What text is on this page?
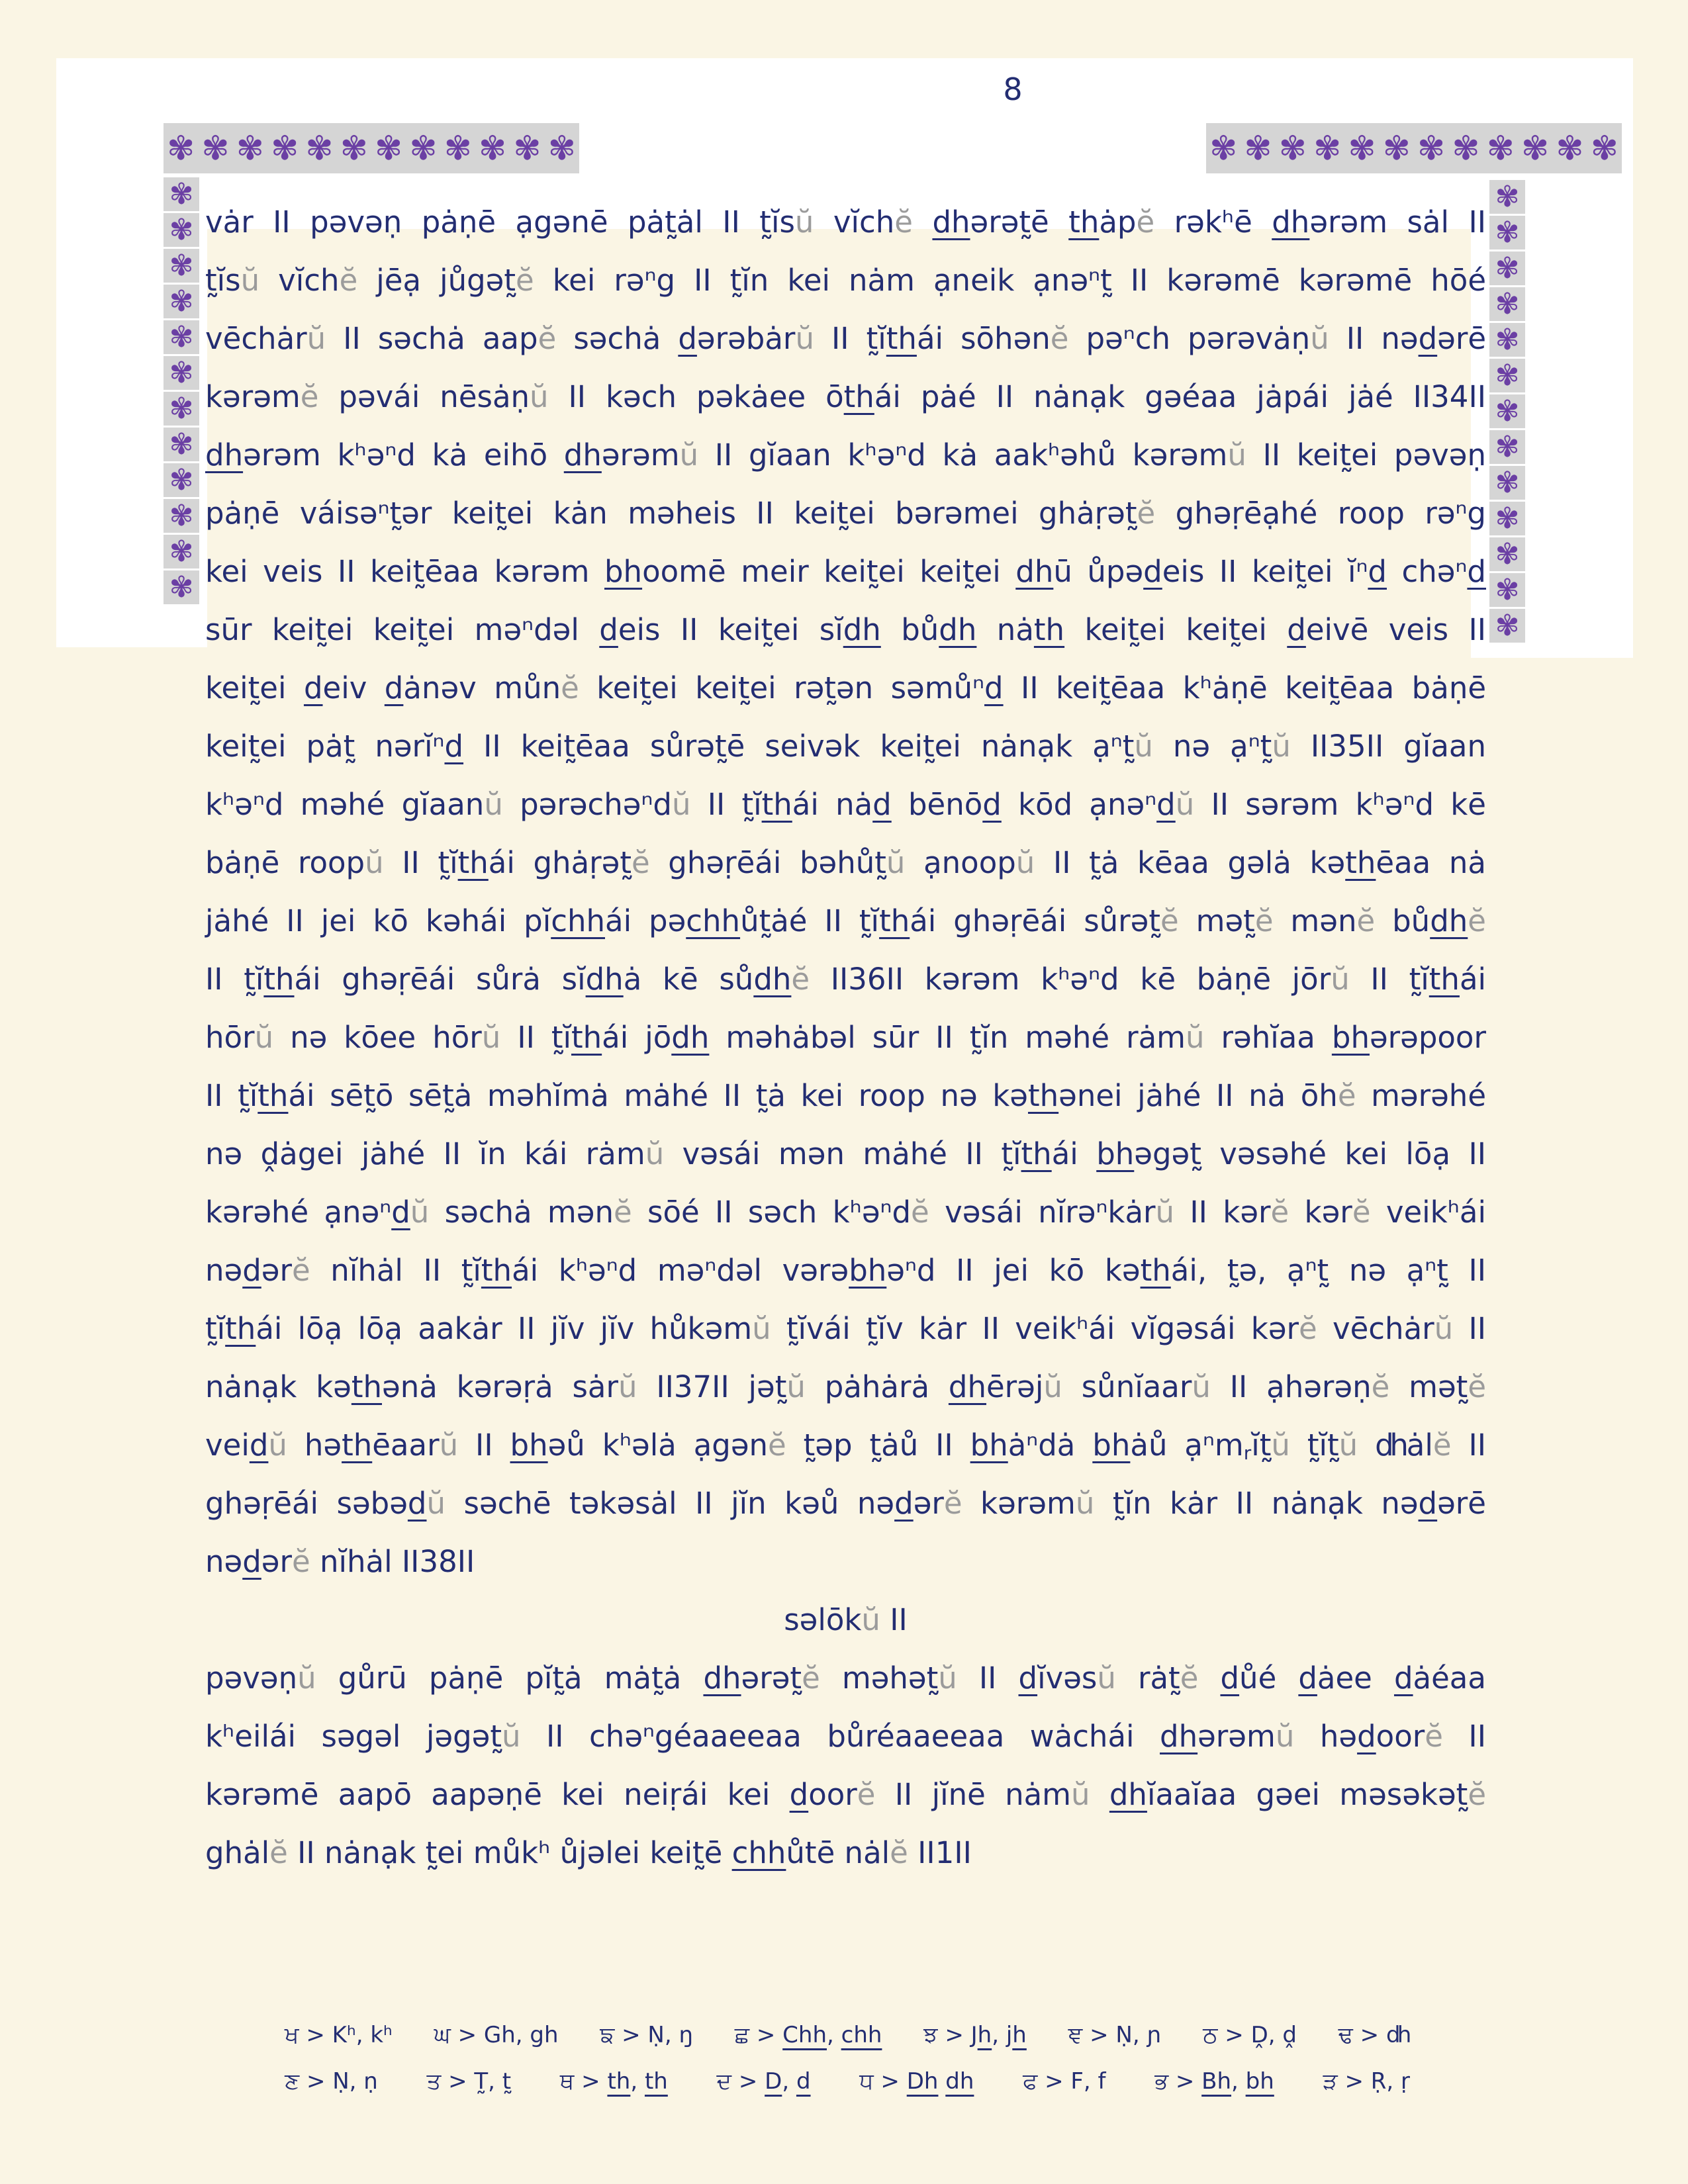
✾ ✾ ✾ ✾ ✾ ✾ ✾ ✾ ✾ ✾ ✾ ✾
8
✾ ✾ ✾ ✾ ✾ ✾ ✾ ✾ ✾ ✾ ✾ ✾
✾
✾
✾
✾
✾
✾
✾
✾
✾
✾
✾
✾
✾
✾
✾
✾
✾
✾
✾
✾
✾
✾
✾
✾
✾
vȧr II pəvəṇ pȧṇē ạgənē pȧt̰ȧl II t̰ĭsŭ vĭchĕ dhərət̰ē thȧpĕ rəkʰē dhərəm sȧl II
t̰ĭsŭ vĭchĕ jēạ jůgət̰ĕ kei rəⁿg II t̰ĭn kei nȧm ạneik ạnəⁿt̰ II kərəmē kərəmē hōé
vēchȧrŭ II səchȧ aapĕ səchȧ dərəbȧrŭ II t̰ĭthái sōhənĕ pəⁿch pərəvȧṇŭ II nədərē
kərəmĕ pəvái nēsȧṇŭ II kəch pəkȧee ōthái pȧé II nȧnạk gəéaa jȧpái jȧé II34II
dhərəm kʰəⁿd kȧ eihō dhərəmŭ II gĭaan kʰəⁿd kȧ aakʰəhů kərəmŭ II keit̰ei pəvəṇ
pȧṇē váisəⁿt̰ər keit̰ei kȧn məheis II keit̰ei bərəmei ghȧṛət̰ĕ ghəṛēạhé roop rəⁿg
kei veis II keit̰ēaa kərəm bhoomē meir keit̰ei keit̰ei dhū ůpədeis II keit̰ei ĭⁿd chəⁿd
sūr keit̰ei keit̰ei məⁿdəl deis II keit̰ei sĭdh bůdh nȧth keit̰ei keit̰ei deivē veis II
keit̰ei deiv dȧnəv můnĕ keit̰ei keit̰ei rət̰ən səmůⁿd II keit̰ēaa kʰȧṇē keit̰ēaa bȧṇē
keit̰ei pȧt̰ nərĭⁿd II keit̰ēaa sůrət̰ē seivək keit̰ei nȧnạk ạⁿt̰ŭ nə ạⁿt̰ŭ II35II gĭaan
kʰəⁿd məhé gĭaanŭ pərəchəⁿdŭ II t̰ĭthái nȧd bēnōd kōd ạnəⁿdŭ II sərəm kʰəⁿd kē
bȧṇē roopŭ II t̰ĭthái ghȧṛət̰ĕ ghəṛēái bəhůt̰ŭ ạnoopŭ II t̰ȧ kēaa gəlȧ kəthēaa nȧ
jȧhé II jei kō kəhái pĭchhái pəchhůt̰ȧé II t̰ĭthái ghəṛēái sůrət̰ĕ mət̰ĕ mənĕ bůdhĕ
II t̰ĭthái ghəṛēái sůrȧ sĭdhȧ kē sůdhĕ II36II kərəm kʰəⁿd kē bȧṇē jōrŭ II t̰ĭthái
hōrŭ nə kōee hōrŭ II t̰ĭthái jōdh məhȧbəl sūr II t̰ĭn məhé rȧmŭ rəhĭaa bhərəpoor
II t̰ĭthái sēt̰ō sēt̰ȧ məhĭmȧ mȧhé II t̰ȧ kei roop nə kəthənei jȧhé II nȧ ōhĕ mərəhé
nə ḓȧgei jȧhé II ĭn kái rȧmŭ vəsái mən mȧhé II t̰ĭthái bhəgət̰ vəsəhé kei lōạ II
kərəhé ạnəⁿdŭ səchȧ mənĕ sōé II səch kʰəⁿdĕ vəsái nĭrəⁿkȧrŭ II kərĕ kərĕ veikʰái
nədərĕ nĭhȧl II t̰ĭthái kʰəⁿd məⁿdəl vərəbhəⁿd II jei kō kəthái, t̰ə, ạⁿt̰ nə ạⁿt̰ II
t̰ĭthái lōạ lōạ aakȧr II jĭv jĭv hůkəmŭ t̰ĭvái t̰ĭv kȧr II veikʰái vĭgəsái kərĕ vēchȧrŭ II
nȧnạk kəthənȧ kərəṛȧ sȧrŭ II37II jət̰ŭ pȧhȧrȧ dhērəjŭ sůnĭaarŭ II ạhərəṇĕ mət̰ĕ
veidŭ həthēaarŭ II bhəů kʰəlȧ ạgənĕ t̰əp t̰ȧů II bhȧⁿdȧ bhȧů ạⁿmrĭt̰ŭ t̰ĭt̰ŭ dhȧlĕ II
ghəṛēái səbədŭ səchē təkəsȧl II jĭn kəů nədərĕ kərəmŭ t̰ĭn kȧr II nȧnạk nədərē
nədərĕ nĭhȧl II38II
səlōkŭ II
pəvəṇŭ gůrū pȧṇē pĭt̰ȧ mȧt̰ȧ dhərət̰ĕ məhət̰ŭ II dĭvəsŭ rȧt̰ĕ důé dȧee dȧéaa
kʰeilái səgəl jəgət̰ŭ II chəⁿgéaaeeaa bůréaaeeaa wȧchái dhərəmŭ hədoorĕ II
kərəmē aapō aapəṇē kei neiṛái kei doorĕ II jĭnē nȧmŭ dhĭaaĭaa gəei məsəkət̰ĕ
ghȧlĕ II nȧnạk t̰ei můkʰ ůjəlei keit̰ē chhůtē nȧlĕ II1II
ਖ > Kʰ, kʰ ਘ > Gh, gh ਙ > Ṇ, ŋ ਛ > Chh, chh ਝ > Jh, jh ਞ > Ṇ, ɲ ਠ > Ḓ, ḓ ਢ > dh
ਣ > Ṇ, ṇ ਤ > T̰, t̰ ਥ > th, th ਦ > D, d ਧ > Dh dh ਫ > F, f ਭ > Bh, bh ੜ > Ṛ, ṛ
